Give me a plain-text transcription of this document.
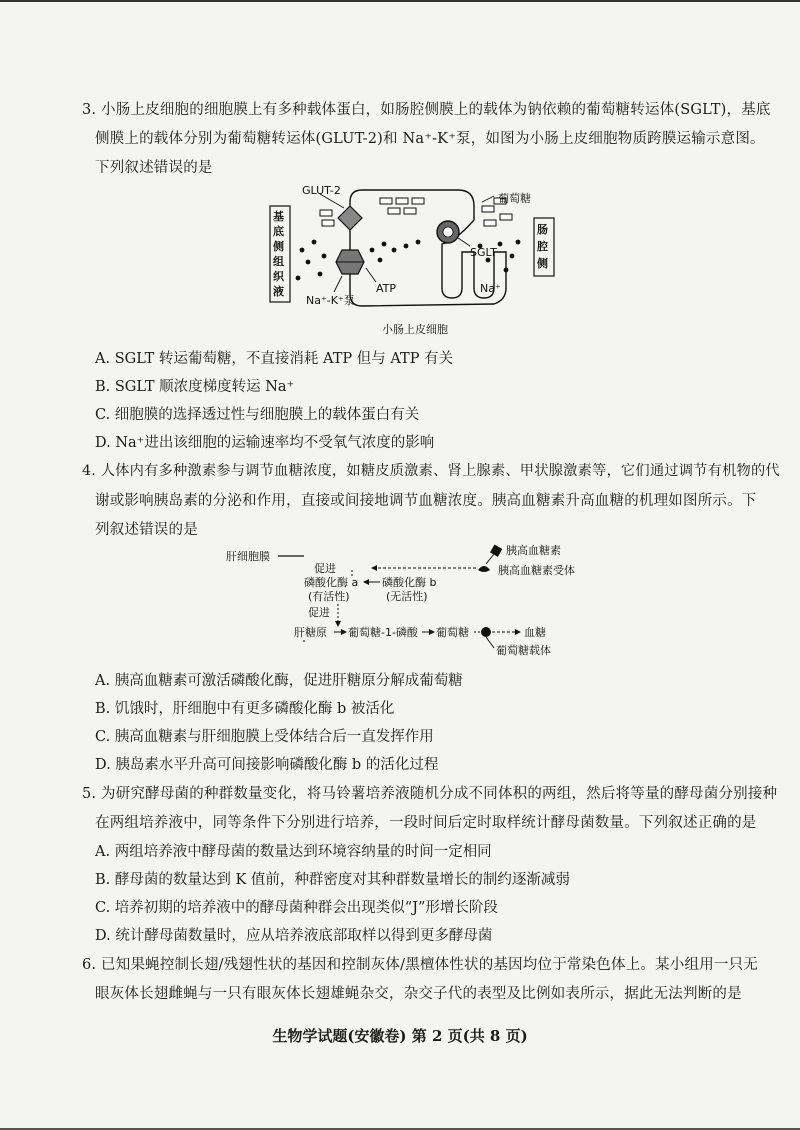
3. 小肠上皮细胞的细胞膜上有多种载体蛋白，如肠腔侧膜上的载体为钠依赖的葡萄糖转运体(SGLT)，基底
侧膜上的载体分别为葡萄糖转运体(GLUT-2)和 Na⁺-K⁺泵，如图为小肠上皮细胞物质跨膜运输示意图。
下列叙述错误的是
基
底
侧
组
织
液
肠
腔
侧
GLUT-2
葡萄糖
SGLT
ATP	Na⁺
Na⁺-K⁺泵
小肠上皮细胞
A. SGLT 转运葡萄糖，不直接消耗 ATP 但与 ATP 有关
B. SGLT 顺浓度梯度转运 Na⁺
C. 细胞膜的选择透过性与细胞膜上的载体蛋白有关
D. Na⁺进出该细胞的运输速率均不受氧气浓度的影响
4. 人体内有多种激素参与调节血糖浓度，如糖皮质激素、肾上腺素、甲状腺激素等，它们通过调节有机物的代
谢或影响胰岛素的分泌和作用，直接或间接地调节血糖浓度。胰高血糖素升高血糖的机理如图所示。下
列叙述错误的是
肝细胞膜	胰高血糖素
胰高血糖素受体
促进
磷酸化酶 a
(有活性)
磷酸化酶 b
(无活性)
促进
肝糖原 葡萄糖-1-磷酸 葡萄糖	血糖
葡萄糖载体
A. 胰高血糖素可激活磷酸化酶，促进肝糖原分解成葡萄糖
B. 饥饿时，肝细胞中有更多磷酸化酶 b 被活化
C. 胰高血糖素与肝细胞膜上受体结合后一直发挥作用
D. 胰岛素水平升高可间接影响磷酸化酶 b 的活化过程
5. 为研究酵母菌的种群数量变化，将马铃薯培养液随机分成不同体积的两组，然后将等量的酵母菌分别接种
在两组培养液中，同等条件下分别进行培养，一段时间后定时取样统计酵母菌数量。下列叙述正确的是
A. 两组培养液中酵母菌的数量达到环境容纳量的时间一定相同
B. 酵母菌的数量达到 K 值前，种群密度对其种群数量增长的制约逐渐减弱
C. 培养初期的培养液中的酵母菌种群会出现类似“J”形增长阶段
D. 统计酵母菌数量时，应从培养液底部取样以得到更多酵母菌
6. 已知果蝇控制长翅/残翅性状的基因和控制灰体/黑檀体性状的基因均位于常染色体上。某小组用一只无
眼灰体长翅雌蝇与一只有眼灰体长翅雄蝇杂交，杂交子代的表型及比例如表所示，据此无法判断的是
生物学试题(安徽卷) 第 2 页(共 8 页)
